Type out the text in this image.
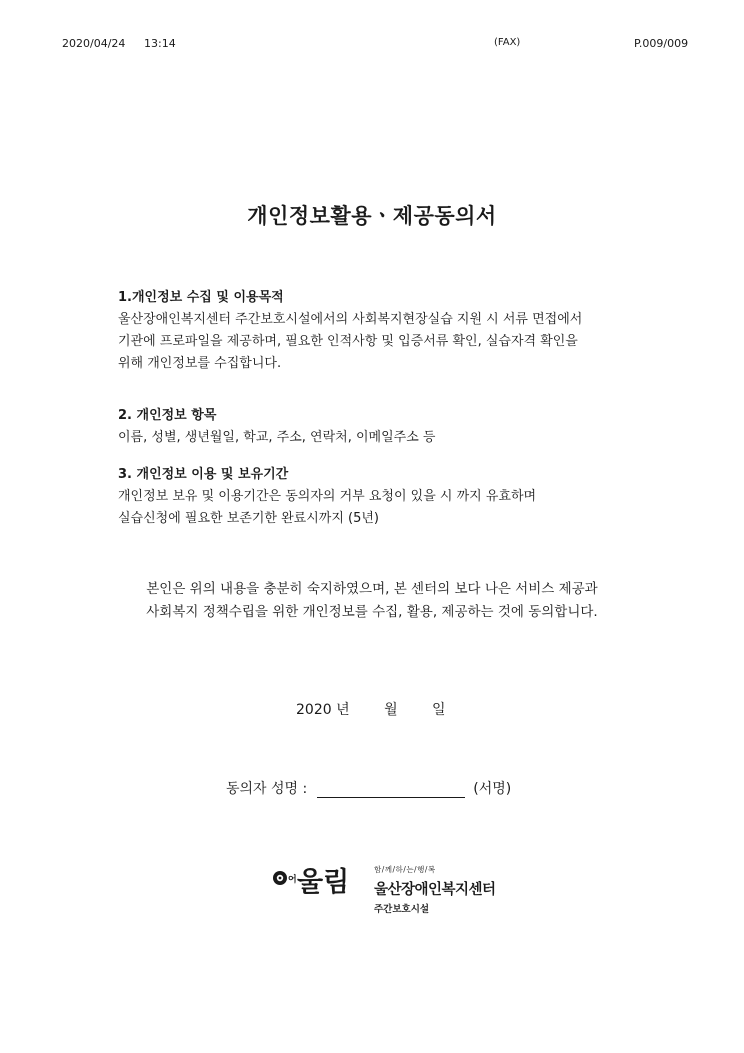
2020/04/24 13:14	(FAX)	P.009/009
개인정보활용ㆍ제공동의서
1.개인정보 수집 및 이용목적
울산장애인복지센터 주간보호시설에서의 사회복지현장실습 지원 시 서류 면접에서
기관에 프로파일을 제공하며, 필요한 인적사항 및 입증서류 확인, 실습자격 확인을
위해 개인정보를 수집합니다.
2. 개인정보 항목
이름, 성별, 생년월일, 학교, 주소, 연락처, 이메일주소 등
3. 개인정보 이용 및 보유기간
개인정보 보유 및 이용기간은 동의자의 거부 요청이 있을 시 까지 유효하며
실습신청에 필요한 보존기한 완료시까지 (5년)
본인은 위의 내용을 충분히 숙지하였으며, 본 센터의 보다 나은 서비스 제공과
사회복지 정책수립을 위한 개인정보를 수집, 활용, 제공하는 것에 동의합니다.
2020 년 월 일
동의자 성명 :	(서명)
어 울림	함/께/하/는/행/복
울산장애인복지센터
주간보호시설
